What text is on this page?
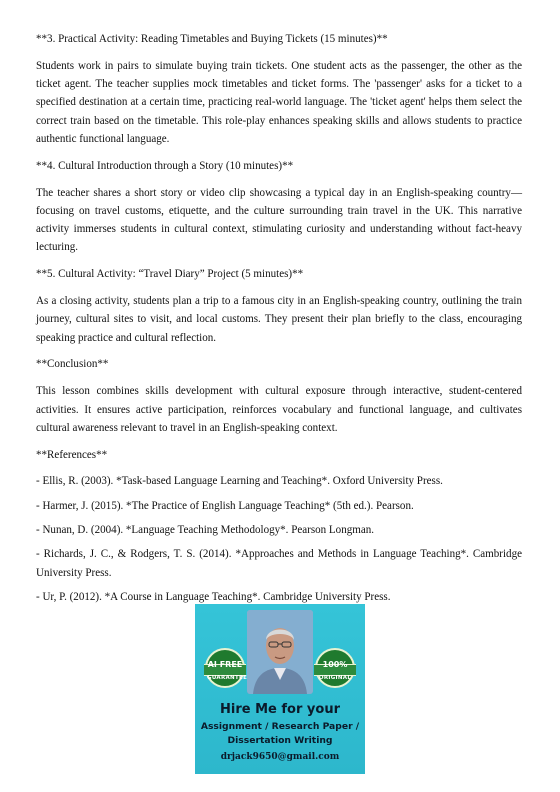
**3. Practical Activity: Reading Timetables and Buying Tickets (15 minutes)**

Students work in pairs to simulate buying train tickets. One student acts as the passenger, the other as the ticket agent. The teacher supplies mock timetables and ticket forms. The 'passenger' asks for a ticket to a specified destination at a certain time, practicing real-world language. The 'ticket agent' helps them select the correct train based on the timetable. This role-play enhances speaking skills and allows students to practice authentic functional language.

**4. Cultural Introduction through a Story (10 minutes)**

The teacher shares a short story or video clip showcasing a typical day in an English-speaking country—focusing on travel customs, etiquette, and the culture surrounding train travel in the UK. This narrative activity immerses students in cultural context, stimulating curiosity and understanding without fact-heavy lecturing.

**5. Cultural Activity: “Travel Diary” Project (5 minutes)**

As a closing activity, students plan a trip to a famous city in an English-speaking country, outlining the train journey, cultural sites to visit, and local customs. They present their plan briefly to the class, encouraging speaking practice and cultural reflection.

**Conclusion**

This lesson combines skills development with cultural exposure through interactive, student-centered activities. It ensures active participation, reinforces vocabulary and functional language, and cultivates cultural awareness relevant to travel in an English-speaking context.

**References**

- Ellis, R. (2003). *Task-based Language Learning and Teaching*. Oxford University Press.

- Harmer, J. (2015). *The Practice of English Language Teaching* (5th ed.). Pearson.

- Nunan, D. (2004). *Language Teaching Methodology*. Pearson Longman.

- Richards, J. C., & Rodgers, T. S. (2014). *Approaches and Methods in Language Teaching*. Cambridge University Press.

- Ur, P. (2012). *A Course in Language Teaching*. Cambridge University Press.

AI FREE
GUARANTEE
100%
ORIGINAL
Hire Me for your
Assignment / Research Paper /
Dissertation Writing
drjack9650@gmail.com
